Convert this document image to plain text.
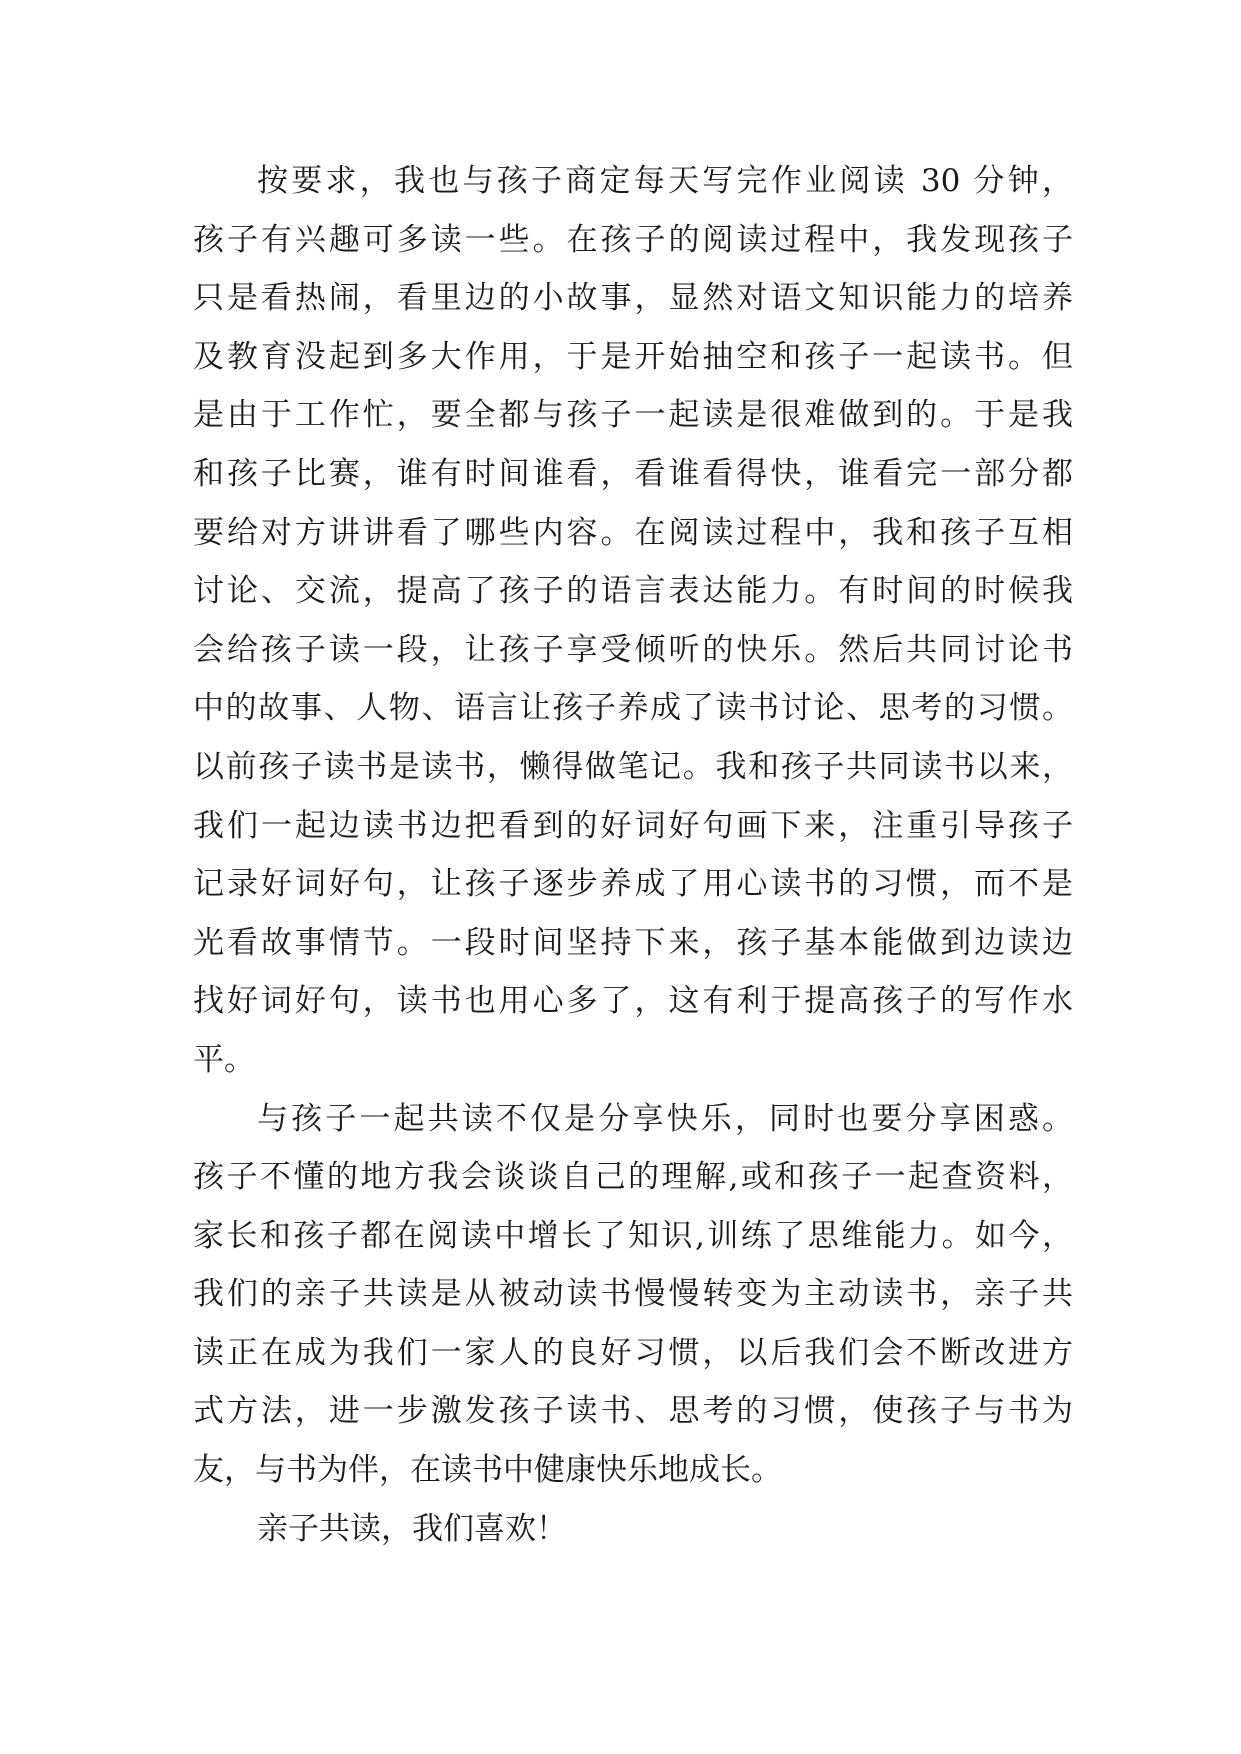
按要求，我也与孩子商定每天写完作业阅读 30 分钟，
孩子有兴趣可多读一些。在孩子的阅读过程中，我发现孩子
只是看热闹，看里边的小故事，显然对语文知识能力的培养
及教育没起到多大作用，于是开始抽空和孩子一起读书。但
是由于工作忙，要全都与孩子一起读是很难做到的。于是我
和孩子比赛，谁有时间谁看，看谁看得快，谁看完一部分都
要给对方讲讲看了哪些内容。在阅读过程中，我和孩子互相
讨论、交流，提高了孩子的语言表达能力。有时间的时候我
会给孩子读一段，让孩子享受倾听的快乐。然后共同讨论书
中的故事、人物、语言让孩子养成了读书讨论、思考的习惯。
以前孩子读书是读书，懒得做笔记。我和孩子共同读书以来，
我们一起边读书边把看到的好词好句画下来，注重引导孩子
记录好词好句，让孩子逐步养成了用心读书的习惯，而不是
光看故事情节。一段时间坚持下来，孩子基本能做到边读边
找好词好句，读书也用心多了，这有利于提高孩子的写作水
平。
与孩子一起共读不仅是分享快乐，同时也要分享困惑。
孩子不懂的地方我会谈谈自己的理解,或和孩子一起查资料，
家长和孩子都在阅读中增长了知识,训练了思维能力。如今，
我们的亲子共读是从被动读书慢慢转变为主动读书，亲子共
读正在成为我们一家人的良好习惯，以后我们会不断改进方
式方法，进一步激发孩子读书、思考的习惯，使孩子与书为
友，与书为伴，在读书中健康快乐地成长。
亲子共读，我们喜欢！
